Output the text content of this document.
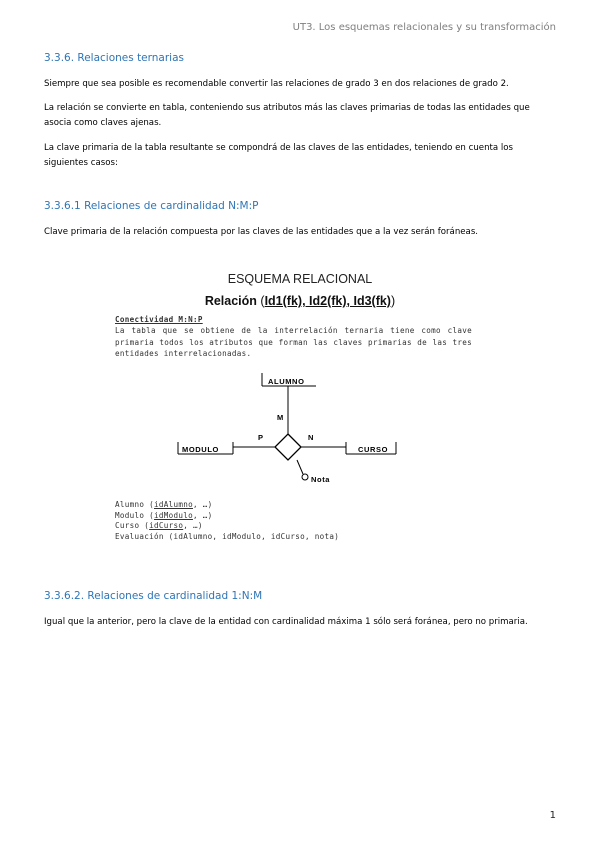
UT3. Los esquemas relacionales y su transformación
3.3.6. Relaciones ternarias
Siempre que sea posible es recomendable convertir las relaciones de grado 3 en dos relaciones de grado 2.
La relación se convierte en tabla, conteniendo sus atributos más las claves primarias de todas las entidades que asocia como claves ajenas.
La clave primaria de la tabla resultante se compondrá de las claves de las entidades, teniendo en cuenta los siguientes casos:
3.3.6.1 Relaciones de cardinalidad N:M:P
Clave primaria de la relación compuesta por las claves de las entidades que a la vez serán foráneas.
ESQUEMA RELACIONAL
Relación (Id1(fk), Id2(fk), Id3(fk))
Conectividad M:N:P
La tabla que se obtiene de la interrelación ternaria tiene como clave primaria todos los atributos que forman las claves primarias de las tres entidades interrelacionadas.
ALUMNO
MODULO	CURSO
M
N
P
Nota
Alumno (idAlumno, …)
Modulo (idModulo, …)
Curso (idCurso, …)
Evaluación (idAlumno, idModulo, idCurso, nota)
3.3.6.2. Relaciones de cardinalidad 1:N:M
Igual que la anterior, pero la clave de la entidad con cardinalidad máxima 1 sólo será foránea, pero no primaria.
1
